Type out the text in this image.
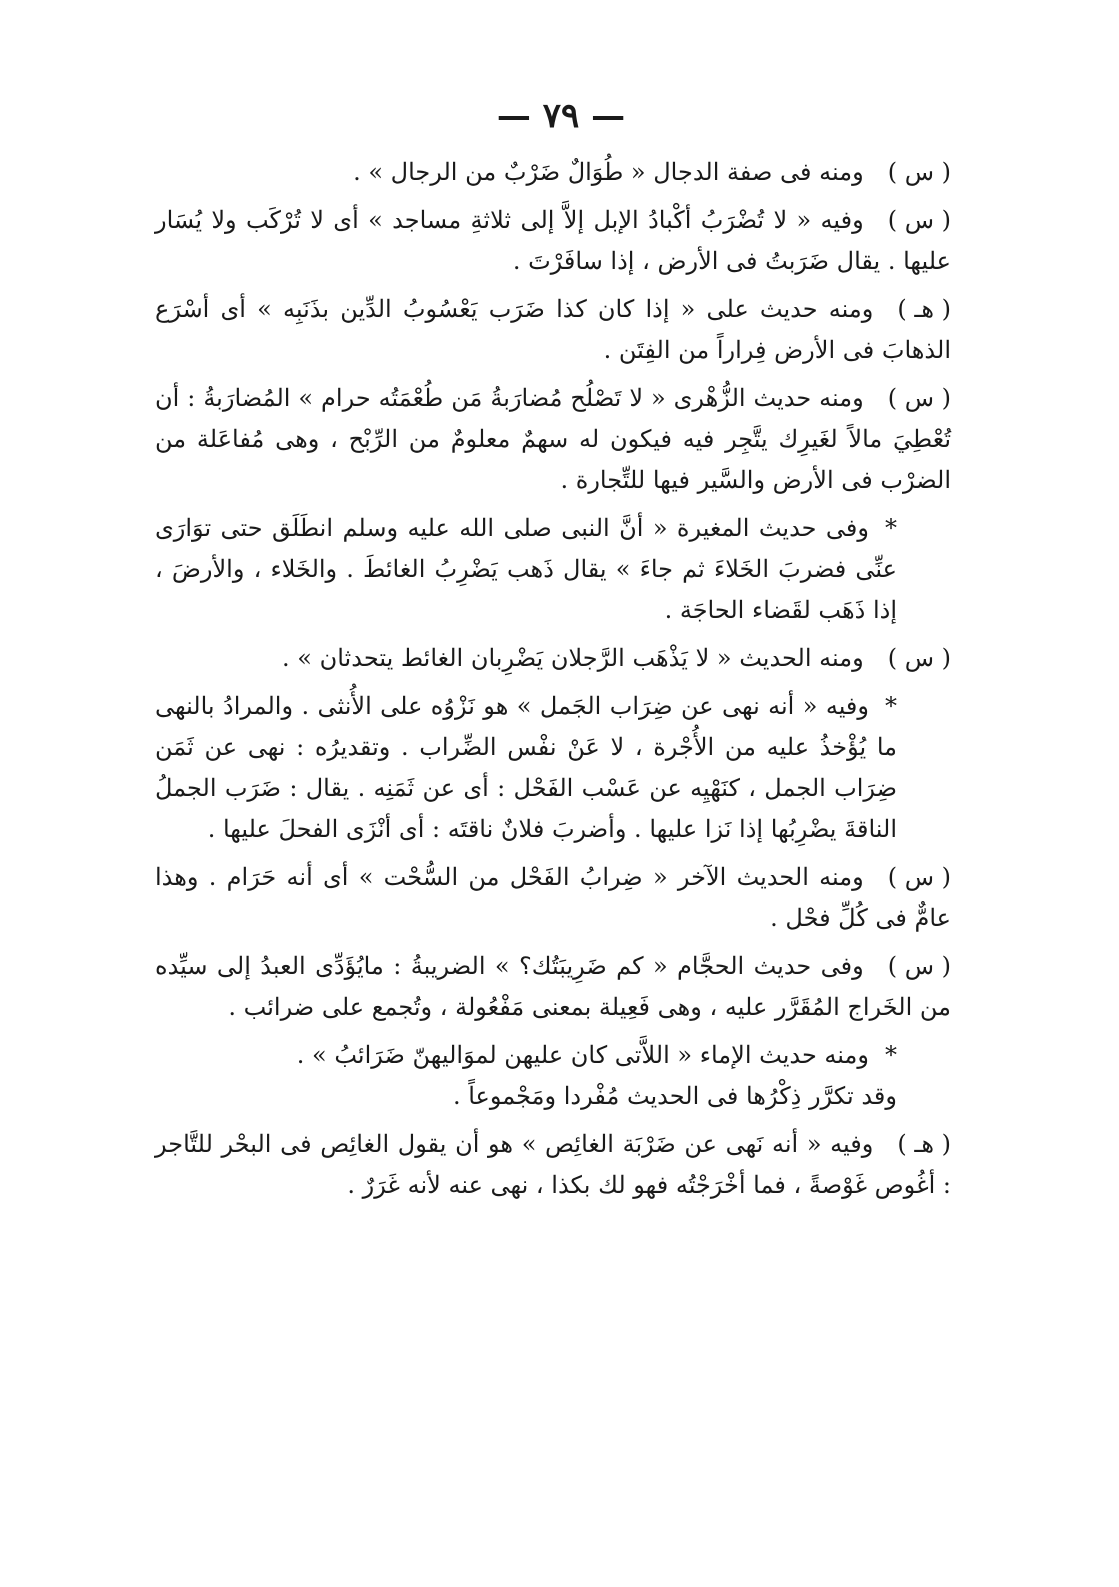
— ٧٩ —

( س )ومنه فى صفة الدجال « طُوَالٌ ضَرْبٌ من الرجال » .

( س )وفيه « لا تُضْرَبُ أكْبادُ الإبل إلاَّ إلى ثلاثةِ مساجد » أى لا تُرْكَب ولا يُسَار عليها . يقال ضَرَبتُ فى الأرض ، إذا سافَرْتَ .

( هـ )ومنه حديث على « إذا كان كذا ضَرَب يَعْسُوبُ الدِّين بذَنَبِه » أى أسْرَع الذهابَ فى الأرض فِراراً من الفِتَن .

( س )ومنه حديث الزُّهْرى « لا تَصْلُح مُضارَبةُ مَن طُعْمَتُه حرام » المُضارَبةُ : أن تُعْطِيَ مالاً لغَيرِك يتَّجِر فيه فيكون له سهمٌ معلومٌ من الرِّبْح ، وهى مُفاعَلة من الضرْب فى الأرض والسَّير فيها للتِّجارة .

*وفى حديث المغيرة « أنَّ النبى صلى الله عليه وسلم انطَلَق حتى توَارَى عنِّى فضربَ الخَلاءَ ثم جاءَ » يقال ذَهب يَضْرِبُ الغائطَ . والخَلاء ، والأرضَ ، إذا ذَهَب لقَضاء الحاجَة .

( س )ومنه الحديث « لا يَذْهَب الرَّجلان يَضْرِبان الغائط يتحدثان » .

*وفيه « أنه نهى عن ضِرَاب الجَمل » هو نَزْوُه على الأُنثى . والمرادُ بالنهى ما يُؤْخذُ عليه من الأُجْرة ، لا عَنْ نفْس الضِّراب . وتقديرُه : نهى عن ثَمَن ضِرَاب الجمل ، كنَهْيِه عن عَسْب الفَحْل : أى عن ثَمَنِه . يقال : ضَرَب الجملُ الناقةَ يضْرِبُها إذا نَزا عليها . وأضربَ فلانٌ ناقتَه : أى أنْزَى الفحلَ عليها .

( س )ومنه الحديث الآخر « ضِرابُ الفَحْل من السُّحْت » أى أنه حَرَام . وهذا عامٌّ فى كُلِّ فحْل .

( س )وفى حديث الحجَّام « كم ضَرِيبَتُك؟ » الضريبةُ : مايُؤَدِّى العبدُ إلى سيِّده من الخَراج المُقَرَّر عليه ، وهى فَعِيلة بمعنى مَفْعُولة ، وتُجمع على ضرائب .

*ومنه حديث الإماء « اللاَّتى كان عليهن لموَاليهنّ ضَرَائبُ » .

وقد تكرَّر ذِكْرُها فى الحديث مُفْردا ومَجْموعاً .

( هـ )وفيه « أنه نَهى عن ضَرْبَة الغائِص » هو أن يقول الغائِص فى البحْر للتَّاجر : أغُوص غَوْصةً ، فما أخْرَجْتُه فهو لك بكذا ، نهى عنه لأنه غَرَرٌ .
